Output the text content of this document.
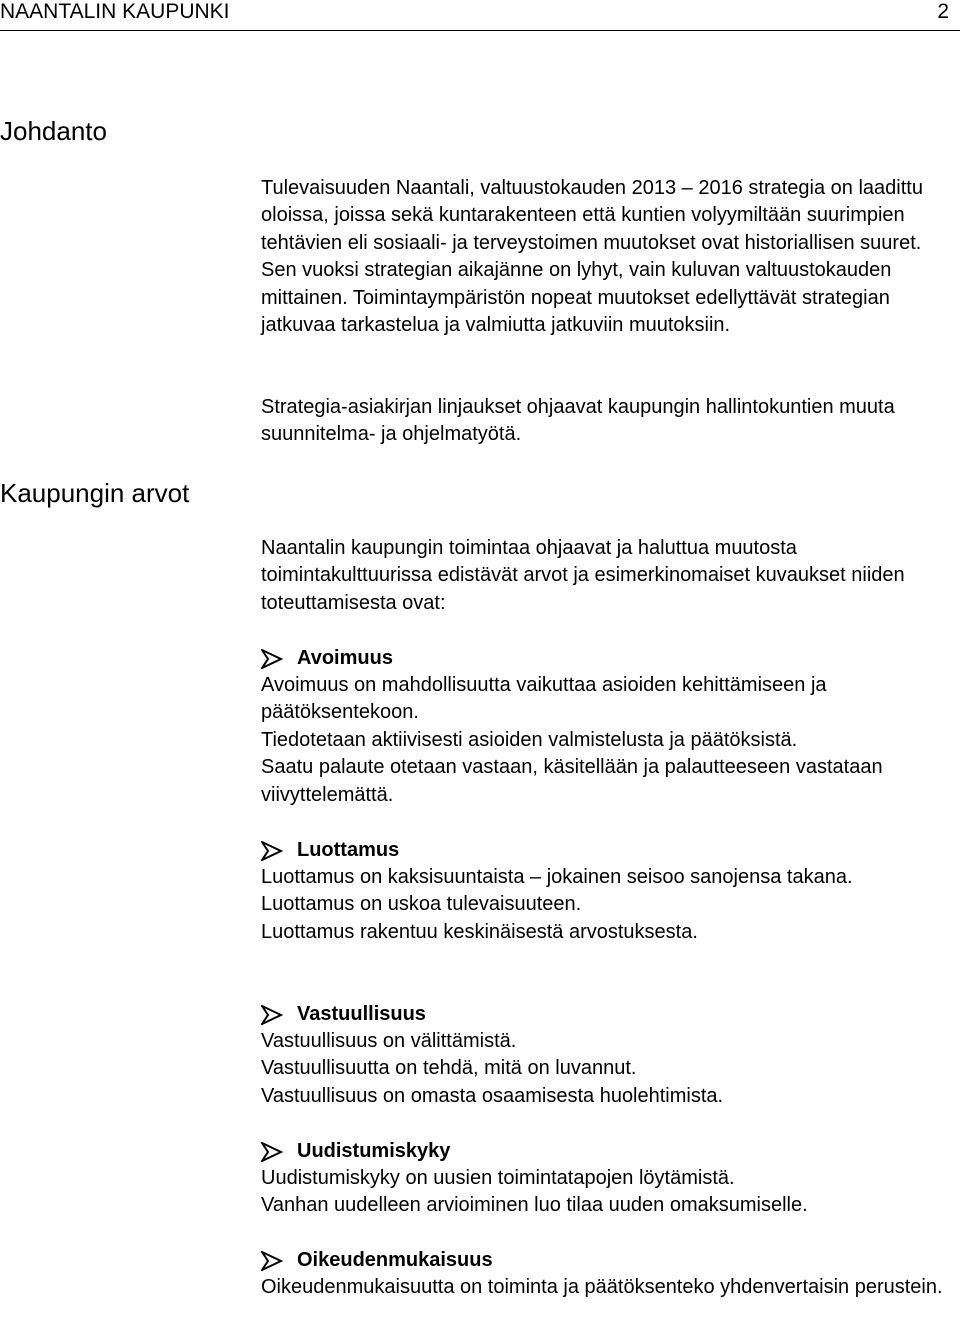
NAANTALIN KAUPUNKI	2
Johdanto

Tulevaisuuden Naantali, valtuustokauden 2013 – 2016 strategia on laadittu oloissa, joissa sekä kuntarakenteen että kuntien volyymiltään suurimpien tehtävien eli sosiaali- ja terveystoimen muutokset ovat historiallisen suuret. Sen vuoksi strategian aikajänne on lyhyt, vain kuluvan valtuustokauden mittainen. Toimintaympäristön nopeat muutokset edellyttävät strategian jatkuvaa tarkastelua ja valmiutta jatkuviin muutoksiin.

Strategia-asiakirjan linjaukset ohjaavat kaupungin hallintokuntien muuta suunnitelma- ja ohjelmatyötä.

Kaupungin arvot

Naantalin kaupungin toimintaa ohjaavat ja haluttua muutosta toimintakulttuurissa edistävät arvot ja esimerkinomaiset kuvaukset niiden toteuttamisesta ovat:

Avoimuus

Avoimuus on mahdollisuutta vaikuttaa asioiden kehittämiseen ja päätöksentekoon.

Tiedotetaan aktiivisesti asioiden valmistelusta ja päätöksistä.

Saatu palaute otetaan vastaan, käsitellään ja palautteeseen vastataan viivyttelemättä.

Luottamus

Luottamus on kaksisuuntaista – jokainen seisoo sanojensa takana.

Luottamus on uskoa tulevaisuuteen.

Luottamus rakentuu keskinäisestä arvostuksesta.

Vastuullisuus

Vastuullisuus on välittämistä.

Vastuullisuutta on tehdä, mitä on luvannut.

Vastuullisuus on omasta osaamisesta huolehtimista.

Uudistumiskyky

Uudistumiskyky on uusien toimintatapojen löytämistä.

Vanhan uudelleen arvioiminen luo tilaa uuden omaksumiselle.

Oikeudenmukaisuus

Oikeudenmukaisuutta on toiminta ja päätöksenteko yhdenvertaisin perustein.
